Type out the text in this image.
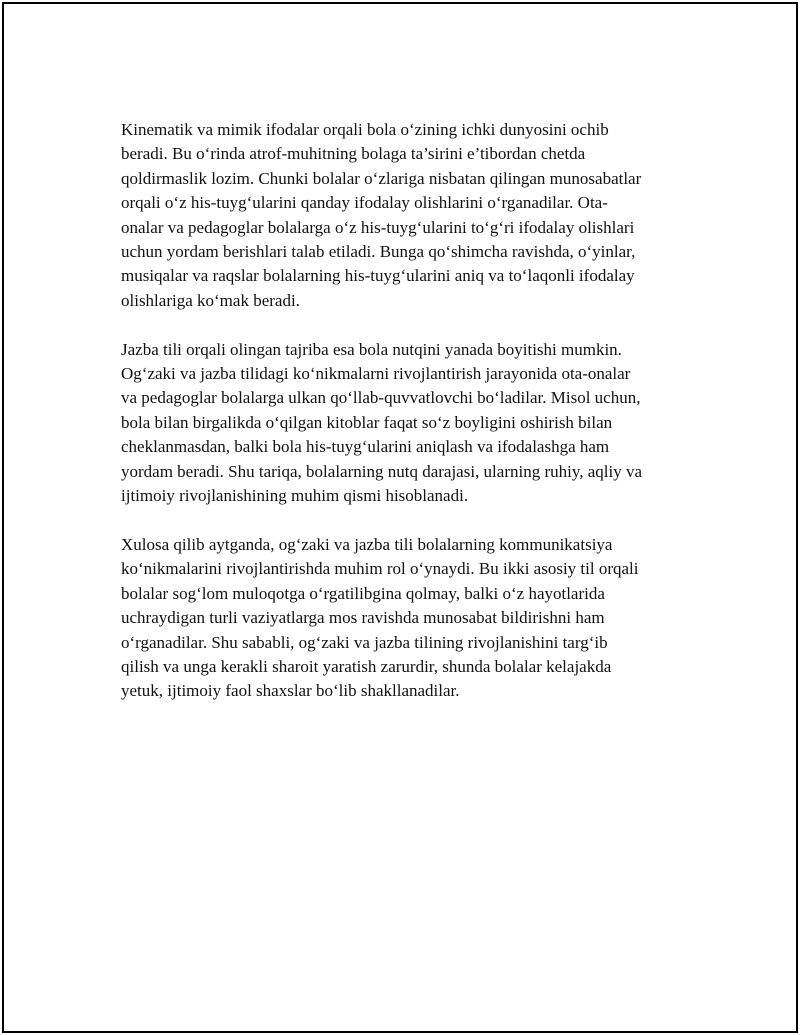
Kinematik va mimik ifodalar orqali bola o‘zining ichki dunyosini ochib
beradi. Bu o‘rinda atrof-muhitning bolaga ta’sirini e’tibordan chetda
qoldirmaslik lozim. Chunki bolalar o‘zlariga nisbatan qilingan munosabatlar
orqali o‘z his-tuyg‘ularini qanday ifodalay olishlarini o‘rganadilar. Ota-
onalar va pedagoglar bolalarga o‘z his-tuyg‘ularini to‘g‘ri ifodalay olishlari
uchun yordam berishlari talab etiladi. Bunga qo‘shimcha ravishda, o‘yinlar,
musiqalar va raqslar bolalarning his-tuyg‘ularini aniq va to‘laqonli ifodalay
olishlariga ko‘mak beradi.

Jazba tili orqali olingan tajriba esa bola nutqini yanada boyitishi mumkin.
Og‘zaki va jazba tilidagi ko‘nikmalarni rivojlantirish jarayonida ota-onalar
va pedagoglar bolalarga ulkan qo‘llab-quvvatlovchi bo‘ladilar. Misol uchun,
bola bilan birgalikda o‘qilgan kitoblar faqat so‘z boyligini oshirish bilan
cheklanmasdan, balki bola his-tuyg‘ularini aniqlash va ifodalashga ham
yordam beradi. Shu tariqa, bolalarning nutq darajasi, ularning ruhiy, aqliy va
ijtimoiy rivojlanishining muhim qismi hisoblanadi.

Xulosa qilib aytganda, og‘zaki va jazba tili bolalarning kommunikatsiya
ko‘nikmalarini rivojlantirishda muhim rol o‘ynaydi. Bu ikki asosiy til orqali
bolalar sog‘lom muloqotga o‘rgatilibgina qolmay, balki o‘z hayotlarida
uchraydigan turli vaziyatlarga mos ravishda munosabat bildirishni ham
o‘rganadilar. Shu sababli, og‘zaki va jazba tilining rivojlanishini targ‘ib
qilish va unga kerakli sharoit yaratish zarurdir, shunda bolalar kelajakda
yetuk, ijtimoiy faol shaxslar bo‘lib shakllanadilar.
